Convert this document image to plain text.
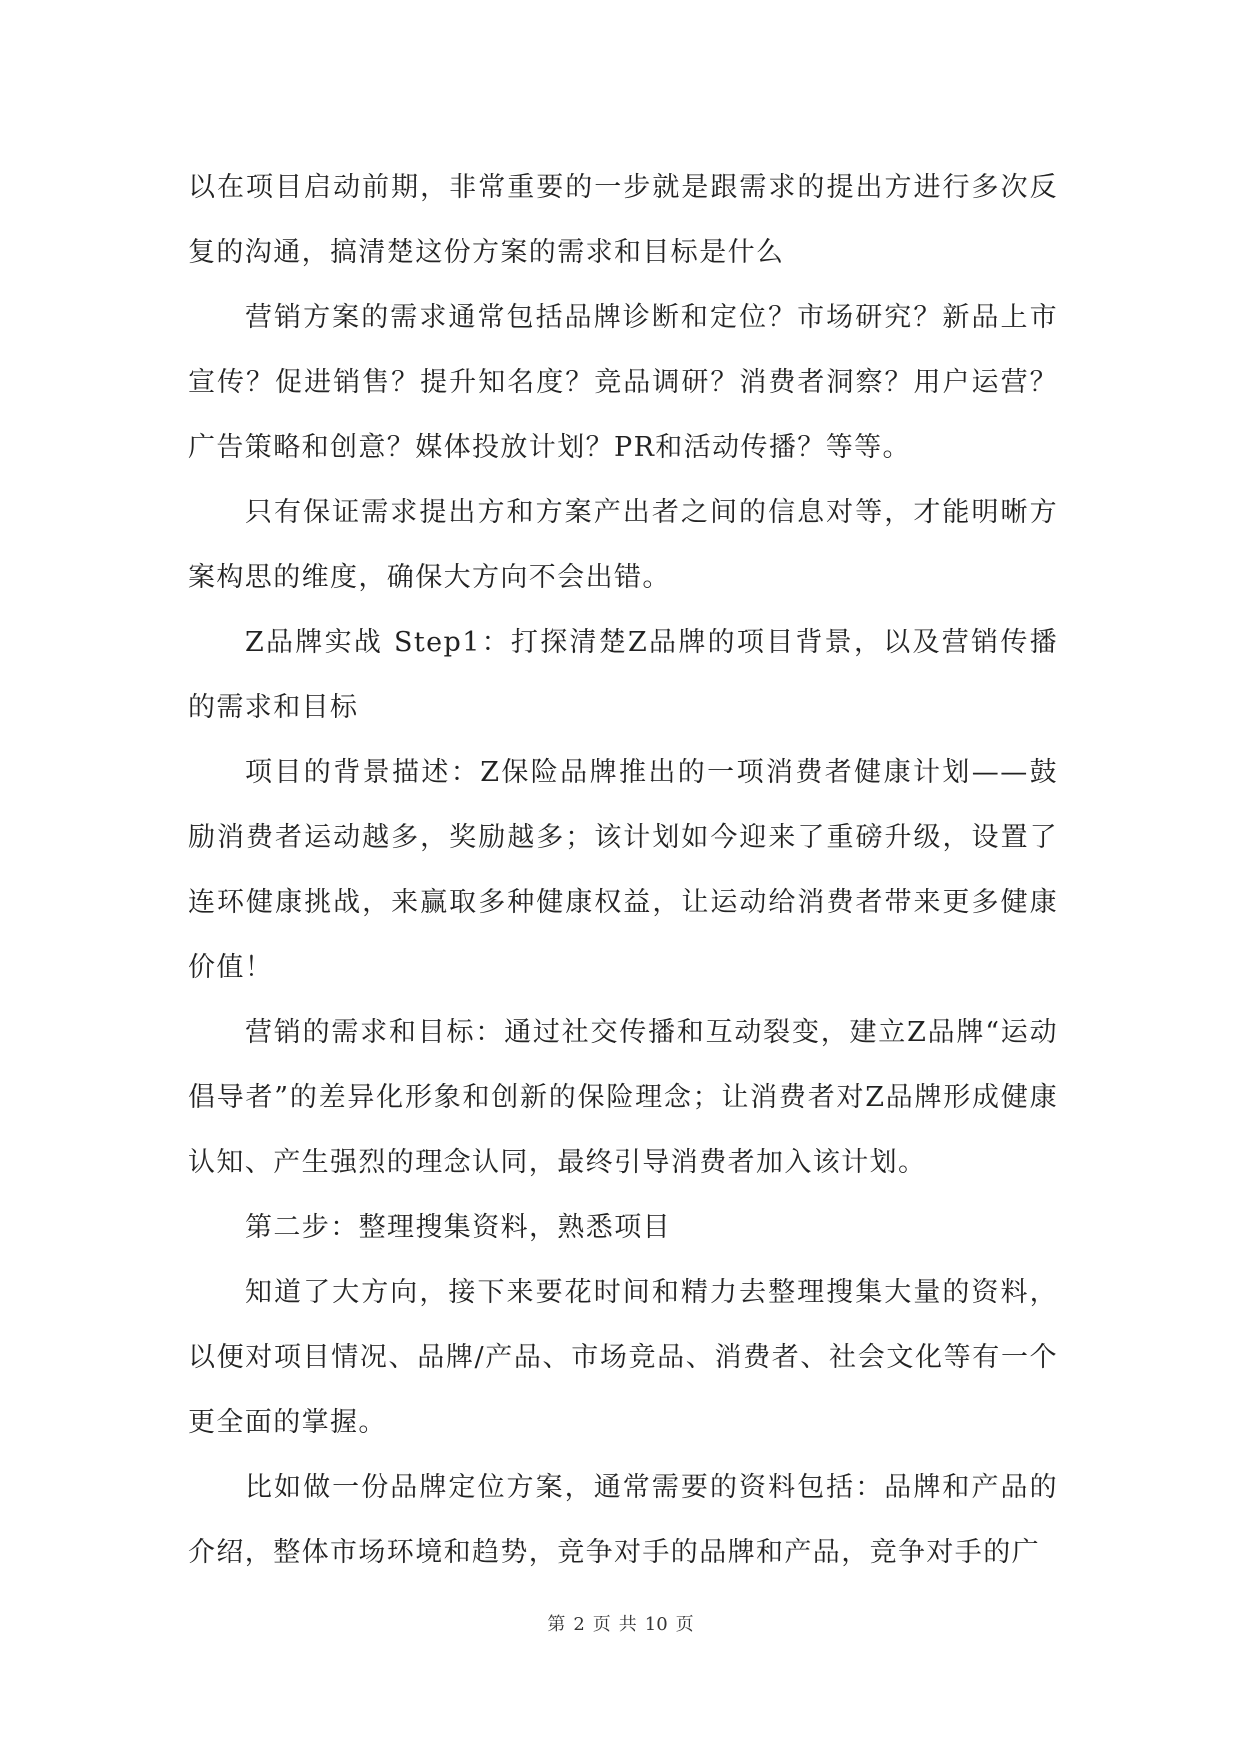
以在项目启动前期，非常重要的一步就是跟需求的提出方进行多次反复的沟通，搞清楚这份方案的需求和目标是什么

营销方案的需求通常包括品牌诊断和定位？市场研究？新品上市宣传？促进销售？提升知名度？竞品调研？消费者洞察？用户运营？广告策略和创意？媒体投放计划？PR和活动传播？等等。

只有保证需求提出方和方案产出者之间的信息对等，才能明晰方案构思的维度，确保大方向不会出错。

Z品牌实战 Step1：打探清楚Z品牌的项目背景，以及营销传播的需求和目标

项目的背景描述：Z保险品牌推出的一项消费者健康计划——鼓励消费者运动越多，奖励越多；该计划如今迎来了重磅升级，设置了连环健康挑战，来赢取多种健康权益，让运动给消费者带来更多健康价值！

营销的需求和目标：通过社交传播和互动裂变，建立Z品牌“运动倡导者”的差异化形象和创新的保险理念；让消费者对Z品牌形成健康认知、产生强烈的理念认同，最终引导消费者加入该计划。

第二步：整理搜集资料，熟悉项目

知道了大方向，接下来要花时间和精力去整理搜集大量的资料，以便对项目情况、品牌/产品、市场竞品、消费者、社会文化等有一个更全面的掌握。

比如做一份品牌定位方案，通常需要的资料包括：品牌和产品的介绍，整体市场环境和趋势，竞争对手的品牌和产品，竞争对手的广

第 2 页 共 10 页
